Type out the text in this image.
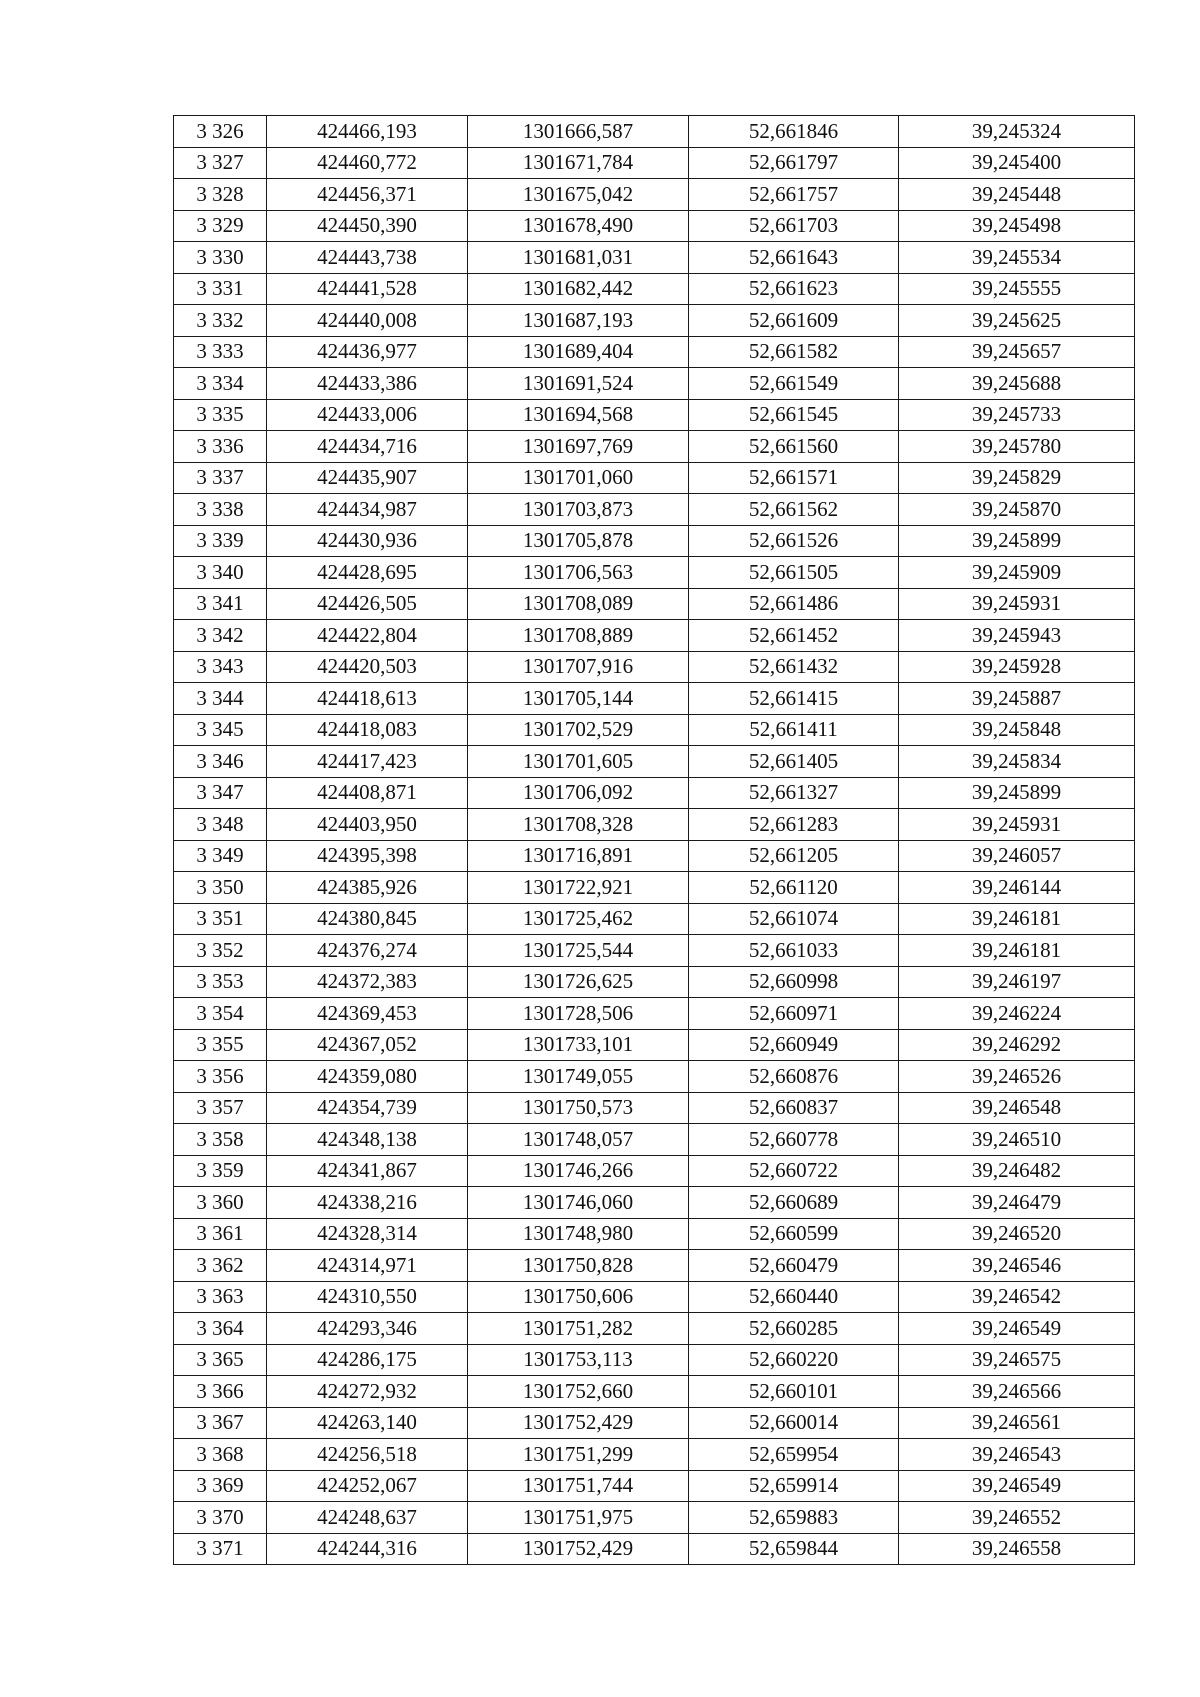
3 326	424466,193	1301666,587	52,661846	39,245324
3 327	424460,772	1301671,784	52,661797	39,245400
3 328	424456,371	1301675,042	52,661757	39,245448
3 329	424450,390	1301678,490	52,661703	39,245498
3 330	424443,738	1301681,031	52,661643	39,245534
3 331	424441,528	1301682,442	52,661623	39,245555
3 332	424440,008	1301687,193	52,661609	39,245625
3 333	424436,977	1301689,404	52,661582	39,245657
3 334	424433,386	1301691,524	52,661549	39,245688
3 335	424433,006	1301694,568	52,661545	39,245733
3 336	424434,716	1301697,769	52,661560	39,245780
3 337	424435,907	1301701,060	52,661571	39,245829
3 338	424434,987	1301703,873	52,661562	39,245870
3 339	424430,936	1301705,878	52,661526	39,245899
3 340	424428,695	1301706,563	52,661505	39,245909
3 341	424426,505	1301708,089	52,661486	39,245931
3 342	424422,804	1301708,889	52,661452	39,245943
3 343	424420,503	1301707,916	52,661432	39,245928
3 344	424418,613	1301705,144	52,661415	39,245887
3 345	424418,083	1301702,529	52,661411	39,245848
3 346	424417,423	1301701,605	52,661405	39,245834
3 347	424408,871	1301706,092	52,661327	39,245899
3 348	424403,950	1301708,328	52,661283	39,245931
3 349	424395,398	1301716,891	52,661205	39,246057
3 350	424385,926	1301722,921	52,661120	39,246144
3 351	424380,845	1301725,462	52,661074	39,246181
3 352	424376,274	1301725,544	52,661033	39,246181
3 353	424372,383	1301726,625	52,660998	39,246197
3 354	424369,453	1301728,506	52,660971	39,246224
3 355	424367,052	1301733,101	52,660949	39,246292
3 356	424359,080	1301749,055	52,660876	39,246526
3 357	424354,739	1301750,573	52,660837	39,246548
3 358	424348,138	1301748,057	52,660778	39,246510
3 359	424341,867	1301746,266	52,660722	39,246482
3 360	424338,216	1301746,060	52,660689	39,246479
3 361	424328,314	1301748,980	52,660599	39,246520
3 362	424314,971	1301750,828	52,660479	39,246546
3 363	424310,550	1301750,606	52,660440	39,246542
3 364	424293,346	1301751,282	52,660285	39,246549
3 365	424286,175	1301753,113	52,660220	39,246575
3 366	424272,932	1301752,660	52,660101	39,246566
3 367	424263,140	1301752,429	52,660014	39,246561
3 368	424256,518	1301751,299	52,659954	39,246543
3 369	424252,067	1301751,744	52,659914	39,246549
3 370	424248,637	1301751,975	52,659883	39,246552
3 371	424244,316	1301752,429	52,659844	39,246558
